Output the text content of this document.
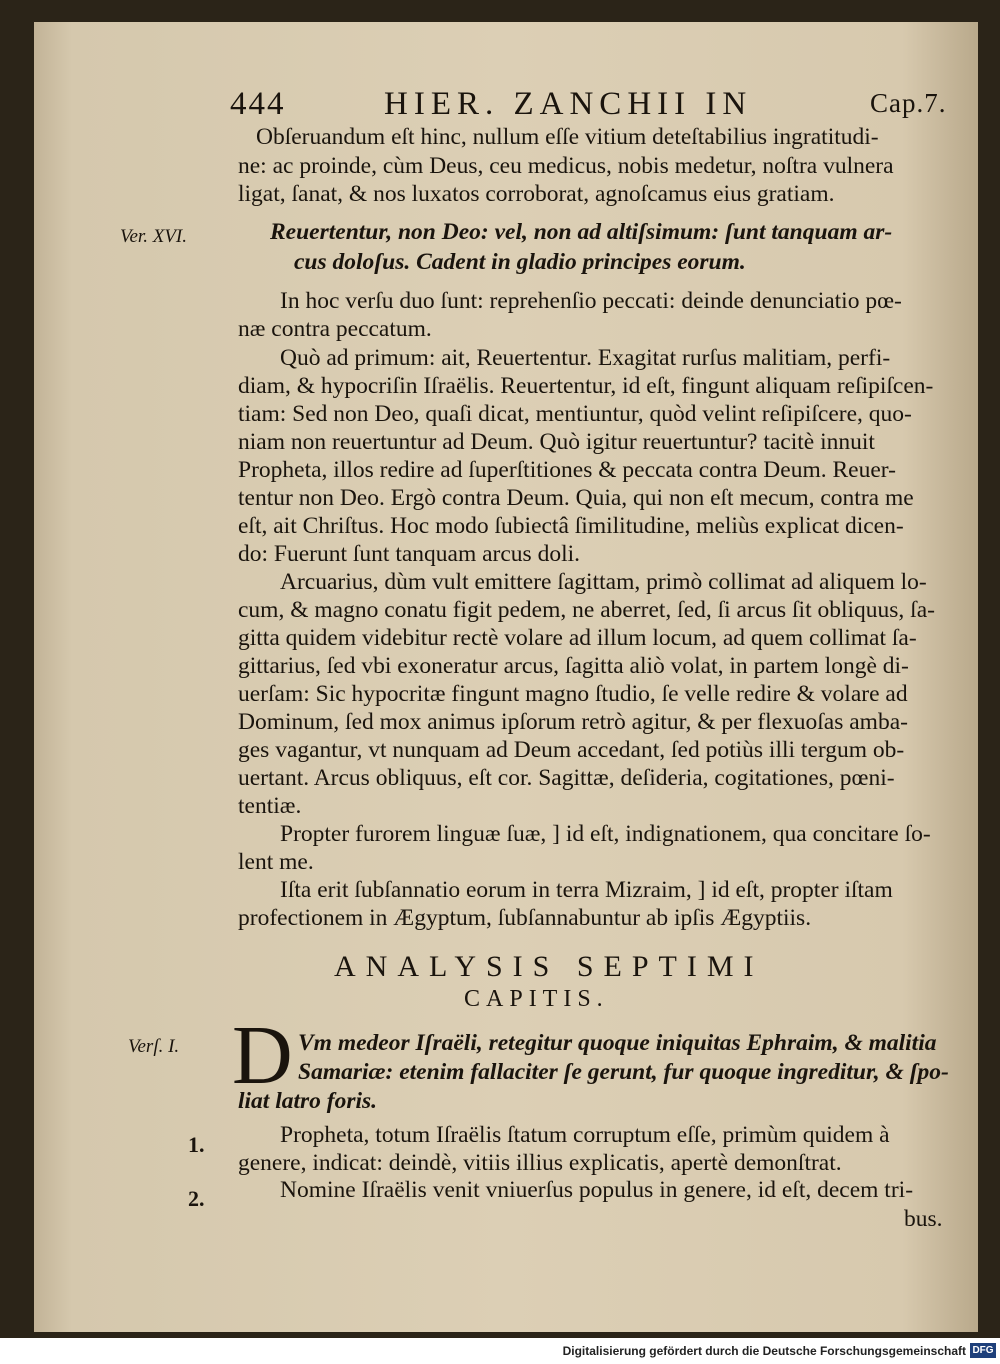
444	HIER. ZANCHII IN	Cap.7.
Obſeruandum eſt hinc, nullum eſſe vitium deteſtabilius ingratitudi-
ne: ac proinde, cùm Deus, ceu medicus, nobis medetur, noſtra vulnera
ligat, ſanat, & nos luxatos corroborat, agnoſcamus eius gratiam.
Ver. XVI.	Reuertentur, non Deo: vel, non ad altiſsimum: ſunt tanquam ar-
cus doloſus. Cadent in gladio principes eorum.
In hoc verſu duo ſunt: reprehenſio peccati: deinde denunciatio pœ-
næ contra peccatum.
Quò ad primum: ait, Reuertentur. Exagitat rurſus malitiam, perfi-
diam, & hypocriſin Iſraëlis. Reuertentur, id eſt, fingunt aliquam reſipiſcen-
tiam: Sed non Deo, quaſi dicat, mentiuntur, quòd velint reſipiſcere, quo-
niam non reuertuntur ad Deum. Quò igitur reuertuntur? tacitè innuit
Propheta, illos redire ad ſuperſtitiones & peccata contra Deum. Reuer-
tentur non Deo. Ergò contra Deum. Quia, qui non eſt mecum, contra me
eſt, ait Chriſtus. Hoc modo ſubiectâ ſimilitudine, meliùs explicat dicen-
do: Fuerunt ſunt tanquam arcus doli.
Arcuarius, dùm vult emittere ſagittam, primò collimat ad aliquem lo-
cum, & magno conatu figit pedem, ne aberret, ſed, ſi arcus ſit obliquus, ſa-
gitta quidem videbitur rectè volare ad illum locum, ad quem collimat ſa-
gittarius, ſed vbi exoneratur arcus, ſagitta aliò volat, in partem longè di-
uerſam: Sic hypocritæ fingunt magno ſtudio, ſe velle redire & volare ad
Dominum, ſed mox animus ipſorum retrò agitur, & per flexuoſas amba-
ges vagantur, vt nunquam ad Deum accedant, ſed potiùs illi tergum ob-
uertant. Arcus obliquus, eſt cor. Sagittæ, deſideria, cogitationes, pœni-
tentiæ.
Propter furorem linguæ ſuæ, ] id eſt, indignationem, qua concitare ſo-
lent me.
Iſta erit ſubſannatio eorum in terra Mizraim, ] id eſt, propter iſtam
profectionem in Ægyptum, ſubſannabuntur ab ipſis Ægyptiis.
ANALYSIS SEPTIMI
CAPITIS.
Verſ. I. D Vm medeor Iſraëli, retegitur quoque iniquitas Ephraim, & malitia
Samariæ: etenim fallaciter ſe gerunt, fur quoque ingreditur, & ſpo-
liat latro foris.
1.	Propheta, totum Iſraëlis ſtatum corruptum eſſe, primùm quidem à
genere, indicat: deindè, vitiis illius explicatis, apertè demonſtrat.
2.	Nomine Iſraëlis venit vniuerſus populus in genere, id eſt, decem tri-
bus.
Digitalisierung gefördert durch die Deutsche Forschungsgemeinschaft DFG
